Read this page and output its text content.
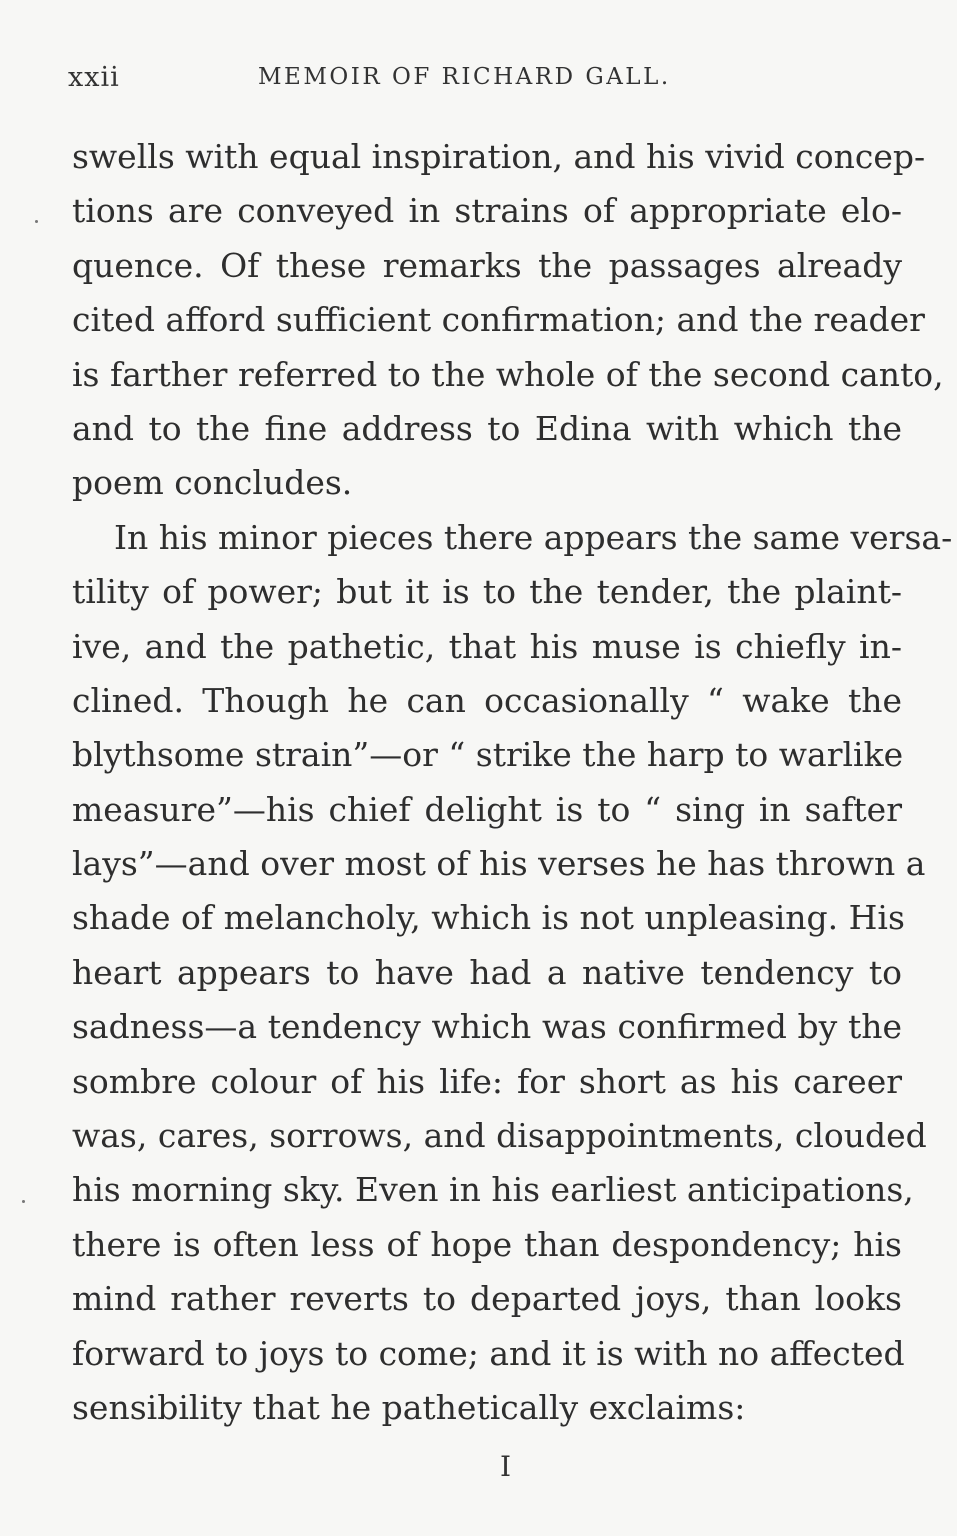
xxii	MEMOIR OF RICHARD GALL.
swells with equal inspiration, and his vivid concep-
tions are conveyed in strains of appropriate elo-
quence. Of these remarks the passages already
cited afford sufficient confirmation; and the reader
is farther referred to the whole of the second canto,
and to the fine address to Edina with which the
poem concludes.
In his minor pieces there appears the same versa-
tility of power; but it is to the tender, the plaint-
ive, and the pathetic, that his muse is chiefly in-
clined. Though he can occasionally “ wake the
blythsome strain”—or “ strike the harp to warlike
measure”—his chief delight is to “ sing in safter
lays”—and over most of his verses he has thrown a
shade of melancholy, which is not unpleasing. His
heart appears to have had a native tendency to
sadness—a tendency which was confirmed by the
sombre colour of his life: for short as his career
was, cares, sorrows, and disappointments, clouded
his morning sky. Even in his earliest anticipations,
there is often less of hope than despondency; his
mind rather reverts to departed joys, than looks
forward to joys to come; and it is with no affected
sensibility that he pathetically exclaims:
I
